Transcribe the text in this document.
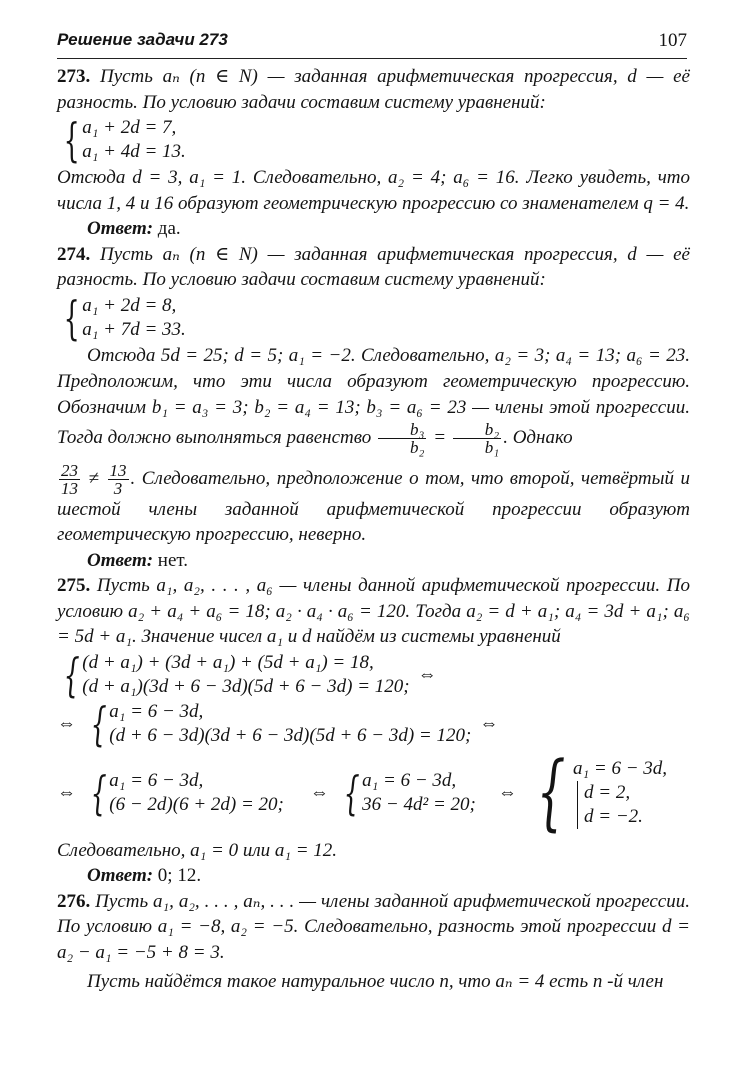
Решение задачи 273	107

273. Пусть aₙ (n ∈ N) — заданная арифметическая прогрессия, d — её разность. По условию задачи составим систему уравнений:

{ a₁ + 2d = 7,
a₁ + 4d = 13.

Отсюда d = 3, a₁ = 1. Следовательно, a₂ = 4; a₆ = 16. Легко увидеть, что числа 1, 4 и 16 образуют геометрическую прогрессию со знаменателем q = 4.

Ответ: да.

274. Пусть aₙ (n ∈ N) — заданная арифметическая прогрессия, d — её разность. По условию задачи составим систему уравнений:

{ a₁ + 2d = 8,
a₁ + 7d = 33.

Отсюда 5d = 25; d = 5; a₁ = −2. Следовательно, a₂ = 3; a₄ = 13; a₆ = 23. Предположим, что эти числа образуют геометрическую прогрессию. Обозначим b₁ = a₃ = 3; b₂ = a₄ = 13; b₃ = a₆ = 23 — члены этой прогрессии. Тогда должно выполняться равенство $\frac{\text{b₃}}{\text{b₂}} = \frac{\text{b₂}}{\text{b₁}}$ . Однако

$\frac{23}{13} \ne \frac{13}{3}$ . Следовательно, предположение о том, что второй, четвёртый и шестой члены заданной арифметической прогрессии образуют геометрическую прогрессию, неверно.

Ответ: нет.

275. Пусть a₁, a₂, . . . , a₆ — члены данной арифметической прогрессии. По условию a₂ + a₄ + a₆ = 18; a₂ · a₄ · a₆ = 120. Тогда a₂ = d + a₁; a₄ = 3d + a₁; a₆ = 5d + a₁. Значение чисел a₁ и d найдём из системы уравнений

{ (d + a₁) + (3d + a₁) + (5d + a₁) = 18,
(d + a₁)(3d + 6 − 3d)(5d + 6 − 3d) = 120;
⇔
⇔ { a₁ = 6 − 3d,
(d + 6 − 3d)(3d + 6 − 3d)(5d + 6 − 3d) = 120;
⇔
⇔ { a₁ = 6 − 3d,
(6 − 2d)(6 + 2d) = 20;
⇔ { a₁ = 6 − 3d,
36 − 4d² = 20;
⇔ { a₁ = 6 − 3d,
d = 2,
d = −2.

Следовательно, a₁ = 0 или a₁ = 12.

Ответ: 0; 12.

276. Пусть a₁, a₂, . . . , aₙ, . . . — члены заданной арифметической прогрессии. По условию a₁ = −8, a₂ = −5. Следовательно, разность этой прогрессии d = a₂ − a₁ = −5 + 8 = 3.

Пусть найдётся такое натуральное число n, что aₙ = 4 есть n -й член
